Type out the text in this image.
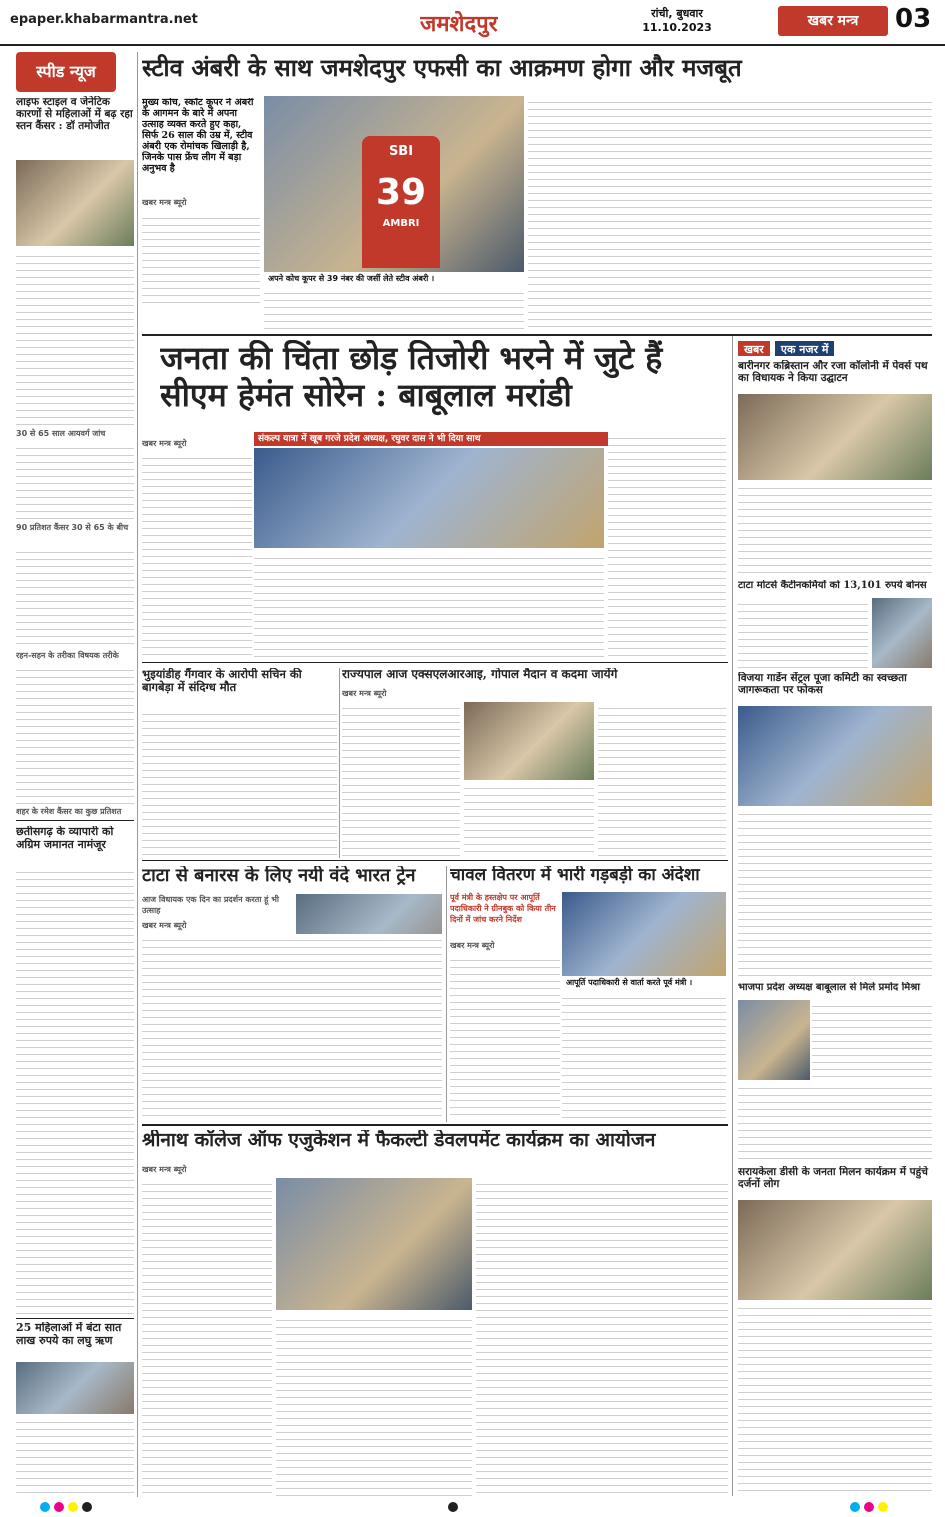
epaper.khabarmantra.net	जमशेदपुर	रांची, बुधवार
11.10.2023	खबर मन्त्र	03
स्पीड न्यूज
लाइफ स्टाइल व जेनेटिक कारणों से महिलाओं में बढ़ रहा स्तन कैंसर : डॉ तमोजीत
30 से 65 साल आयवर्ग जांच
90 प्रतिशत कैंसर 30 से 65 के बीच
रहन-सहन के तरीका विषयक तरीके
शहर के रमेश कैंसर का कुछ प्रतिशत
छतीसगढ़ के व्यापारी को अग्रिम जमानत नामंजूर
25 महिलाओं में बंटा सात लाख रुपये का लघु ऋण
स्टीव अंबरी के साथ जमशेदपुर एफसी का आक्रमण होगा और मजबूत
मुख्य कोच, स्कॉट कूपर ने अंबरी के आगमन के बारे में अपना उत्साह व्यक्त करते हुए कहा, सिर्फ 26 साल की उम्र में, स्टीव अंबरी एक रोमांचक खिलाड़ी है, जिनके पास फ्रेंच लीग में बड़ा अनुभव है
खबर मन्त्र ब्यूरो
SBI
39
AMBRI
अपने कोच कूपर से 39 नंबर की जर्सी लेते स्टीव अंबरी ।
जनता की चिंता छोड़ तिजोरी भरने में जुटे हैं सीएम हेमंत सोरेन : बाबूलाल मरांडी
खबर मन्त्र ब्यूरो	संकल्प यात्रा में खूब गरजे प्रदेश अध्यक्ष, रघुवर दास ने भी दिया साथ
भुइयांडीह गैंगवार के आरोपी सचिन की बागबेड़ा में संदिग्ध मौत
राज्यपाल आज एक्सएलआरआइ, गोपाल मैदान व कदमा जायेंगे
खबर मन्त्र ब्यूरो
टाटा से बनारस के लिए नयी वंदे भारत ट्रेन
आज विधायक एक दिन का प्रदर्शन करता हूं भी उत्साह
खबर मन्त्र ब्यूरो
चावल वितरण में भारी गड़बड़ी का अंदेशा
पूर्व मंत्री के हस्तक्षेप पर आपूर्ति पदाधिकारी ने ग्रीनबुक को किया तीन दिनों में जांच करने निर्देश
आपूर्ति पदाधिकारी से वार्ता करते पूर्व मंत्री ।
खबर मन्त्र ब्यूरो
श्रीनाथ कॉलेज ऑफ एजुकेशन में फैकल्टी डेवलपमेंट कार्यक्रम का आयोजन
खबर मन्त्र ब्यूरो
खबर एक नजर में
बारीनगर कब्रिस्तान और रजा कॉलोनी में पेवर्स पथ का विधायक ने किया उद्घाटन
टाटा मोटर्स कैंटीनकर्मियों को 13,101 रुपये बोनस
विजया गार्डेन सेंट्रल पूजा कमिटी का स्वच्छता जागरूकता पर फोकस
भाजपा प्रदेश अध्यक्ष बाबूलाल से मिले प्रमोद मिश्रा
सरायकेला डीसी के जनता मिलन कार्यक्रम में पहुंचे दर्जनों लोग
